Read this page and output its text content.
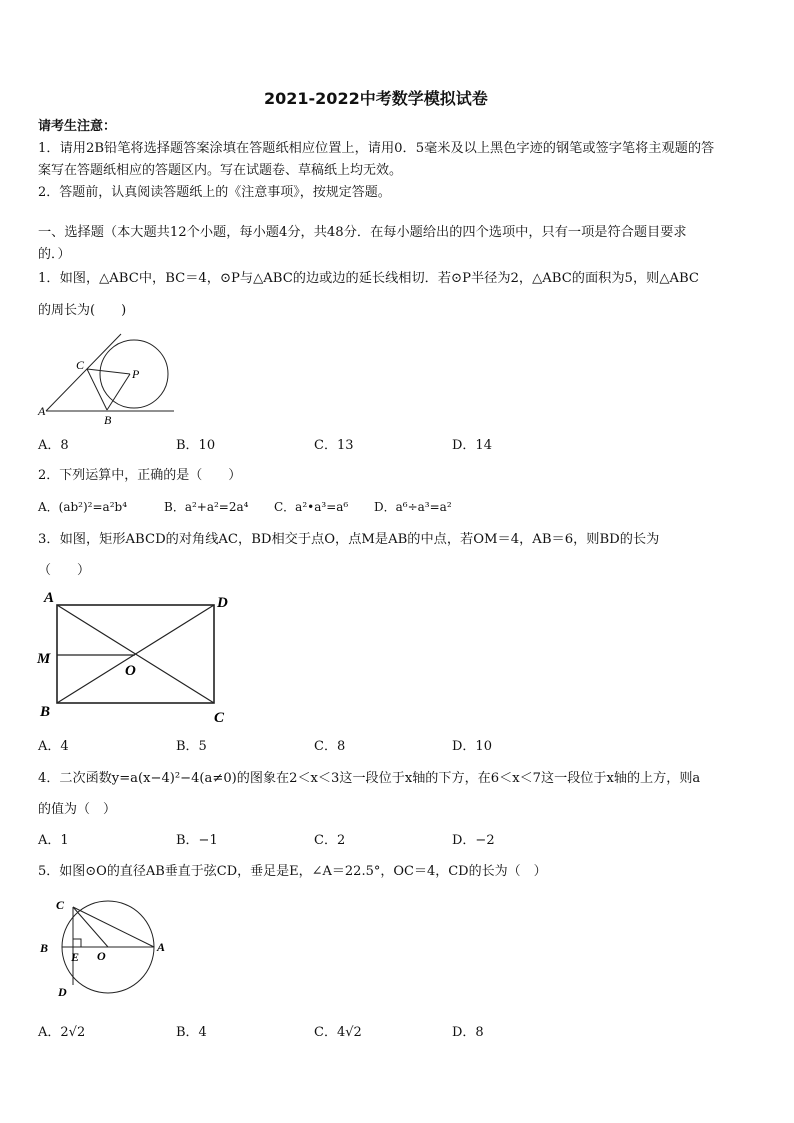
2021-2022中考数学模拟试卷
请考生注意：
1．请用2B铅笔将选择题答案涂填在答题纸相应位置上，请用0．5毫米及以上黑色字迹的钢笔或签字笔将主观题的答
案写在答题纸相应的答题区内。写在试题卷、草稿纸上均无效。
2．答题前，认真阅读答题纸上的《注意事项》，按规定答题。
一、选择题（本大题共12个小题，每小题4分，共48分．在每小题给出的四个选项中，只有一项是符合题目要求
的．）
1．如图，△ABC中，BC＝4，⊙P与△ABC的边或边的延长线相切．若⊙P半径为2，△ABC的面积为5，则△ABC
的周长为(　　)
C
P
A
B
A．8	B．10	C．13	D．14
2．下列运算中，正确的是（　　）
A．(ab²)²=a²b⁴	B．a²+a²=2a⁴ C．a²•a³=a⁶ D．a⁶÷a³=a²
3．如图，矩形ABCD的对角线AC，BD相交于点O，点M是AB的中点，若OM＝4，AB＝6，则BD的长为
（　　）
A	D
M
O
B	C
A．4	B．5	C．8	D．10
4．二次函数y=a(x−4)²−4(a≠0)的图象在2＜x＜3这一段位于x轴的下方，在6＜x＜7这一段位于x轴的上方，则a
的值为（　）
A．1	B．−1	C．2	D．−2
5．如图⊙O的直径AB垂直于弦CD，垂足是E，∠A＝22.5°，OC＝4，CD的长为（　）
C
B
E O
A
D
A．2√2	B．4	C．4√2	D．8
